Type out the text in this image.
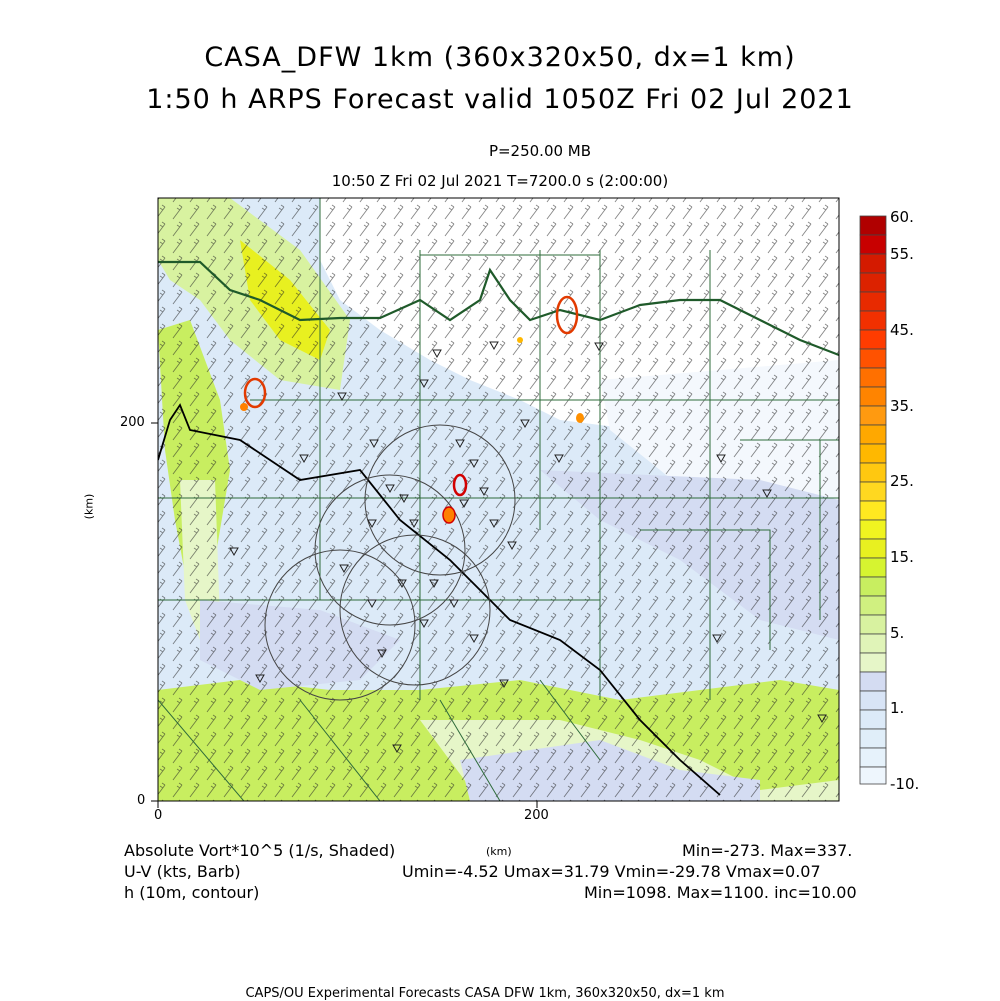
CASA_DFW 1km (360x320x50, dx=1 km)
1:50 h ARPS Forecast valid 1050Z Fri 02 Jul 2021
P=250.00 MB
10:50 Z Fri 02 Jul 2021 T=7200.0 s (2:00:00)
60.
55.
45.
35.
25.
15.
5.
1.
-10.
0	200
0
200
(km)
(km)
Absolute Vort*10^5 (1/s, Shaded)
U-V (kts, Barb)
h (10m, contour)
Min=-273. Max=337.
Umin=-4.52 Umax=31.79 Vmin=-29.78 Vmax=0.07
Min=1098. Max=1100. inc=10.00
CAPS/OU Experimental Forecasts CASA DFW 1km, 360x320x50, dx=1 km
